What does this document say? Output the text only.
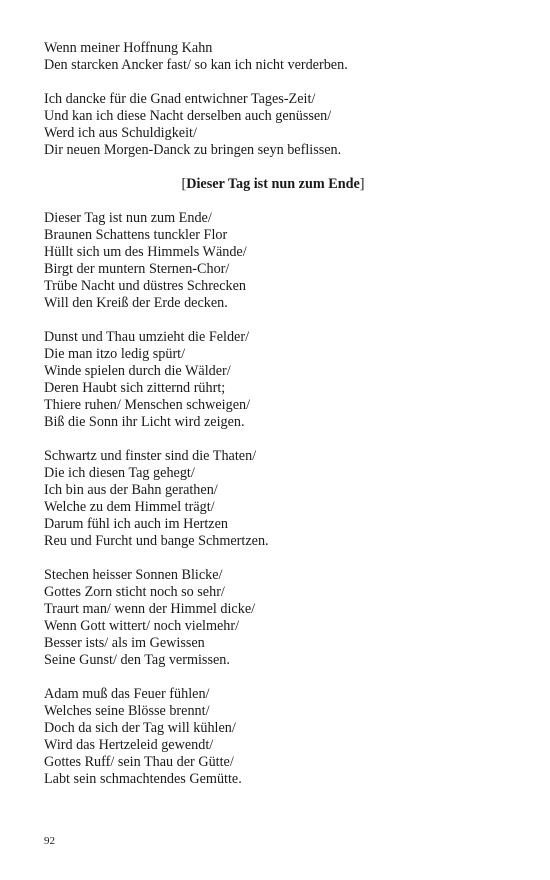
Wenn meiner Hoffnung Kahn
Den starcken Ancker fast/ so kan ich nicht verderben.
Ich dancke für die Gnad entwichner Tages-Zeit/
Und kan ich diese Nacht derselben auch genüssen/
Werd ich aus Schuldigkeit/
Dir neuen Morgen-Danck zu bringen seyn beflissen.
[Dieser Tag ist nun zum Ende]
Dieser Tag ist nun zum Ende/
Braunen Schattens tunckler Flor
Hüllt sich um des Himmels Wände/
Birgt der muntern Sternen-Chor/
Trübe Nacht und düstres Schrecken
Will den Kreiß der Erde decken.
Dunst und Thau umzieht die Felder/
Die man itzo ledig spürt/
Winde spielen durch die Wälder/
Deren Haubt sich zitternd rührt;
Thiere ruhen/ Menschen schweigen/
Biß die Sonn ihr Licht wird zeigen.
Schwartz und finster sind die Thaten/
Die ich diesen Tag gehegt/
Ich bin aus der Bahn gerathen/
Welche zu dem Himmel trägt/
Darum fühl ich auch im Hertzen
Reu und Furcht und bange Schmertzen.
Stechen heisser Sonnen Blicke/
Gottes Zorn sticht noch so sehr/
Traurt man/ wenn der Himmel dicke/
Wenn Gott wittert/ noch vielmehr/
Besser ists/ als im Gewissen
Seine Gunst/ den Tag vermissen.
Adam muß das Feuer fühlen/
Welches seine Blösse brennt/
Doch da sich der Tag will kühlen/
Wird das Hertzeleid gewendt/
Gottes Ruff/ sein Thau der Gütte/
Labt sein schmachtendes Gemütte.
92
